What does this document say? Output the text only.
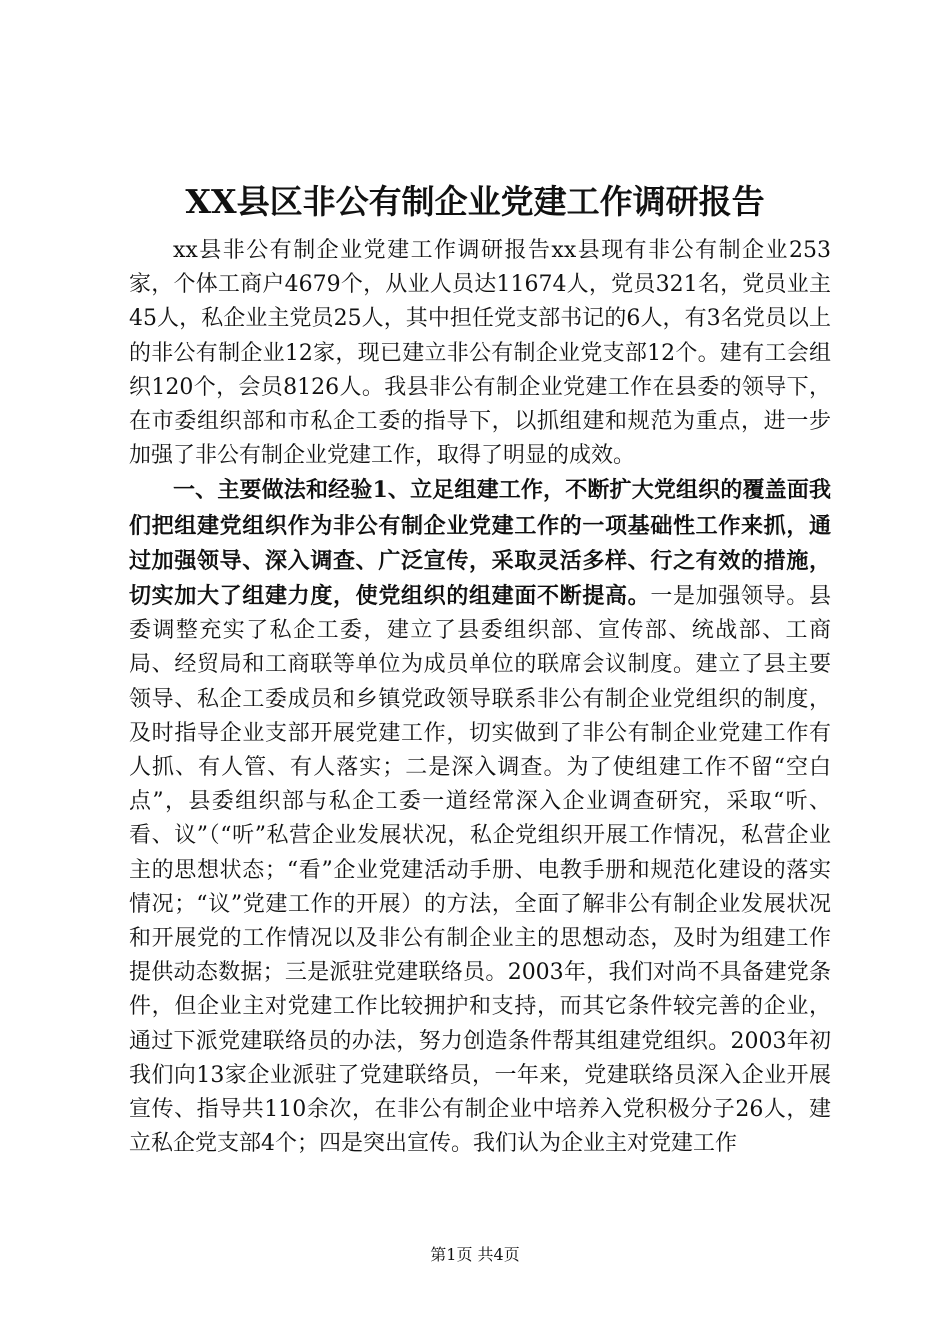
XX县区非公有制企业党建工作调研报告

xx县非公有制企业党建工作调研报告xx县现有非公有制企业253家，个体工商户4679个，从业人员达11674人，党员321名，党员业主45人，私企业主党员25人，其中担任党支部书记的6人，有3名党员以上的非公有制企业12家，现已建立非公有制企业党支部12个。建有工会组织120个，会员8126人。我县非公有制企业党建工作在县委的领导下，在市委组织部和市私企工委的指导下，以抓组建和规范为重点，进一步加强了非公有制企业党建工作，取得了明显的成效。

一、主要做法和经验1、立足组建工作，不断扩大党组织的覆盖面我们把组建党组织作为非公有制企业党建工作的一项基础性工作来抓，通过加强领导、深入调查、广泛宣传，采取灵活多样、行之有效的措施，切实加大了组建力度，使党组织的组建面不断提高。一是加强领导。县委调整充实了私企工委，建立了县委组织部、宣传部、统战部、工商局、经贸局和工商联等单位为成员单位的联席会议制度。建立了县主要领导、私企工委成员和乡镇党政领导联系非公有制企业党组织的制度，及时指导企业支部开展党建工作，切实做到了非公有制企业党建工作有人抓、有人管、有人落实；二是深入调查。为了使组建工作不留“空白点”，县委组织部与私企工委一道经常深入企业调查研究，采取“听、看、议”（“听”私营企业发展状况，私企党组织开展工作情况，私营企业主的思想状态；“看”企业党建活动手册、电教手册和规范化建设的落实情况；“议”党建工作的开展）的方法，全面了解非公有制企业发展状况和开展党的工作情况以及非公有制企业主的思想动态，及时为组建工作提供动态数据；三是派驻党建联络员。2003年，我们对尚不具备建党条件，但企业主对党建工作比较拥护和支持，而其它条件较完善的企业，通过下派党建联络员的办法，努力创造条件帮其组建党组织。2003年初我们向13家企业派驻了党建联络员，一年来，党建联络员深入企业开展宣传、指导共110余次，在非公有制企业中培养入党积极分子26人，建立私企党支部4个；四是突出宣传。我们认为企业主对党建工作

第1页 共4页
